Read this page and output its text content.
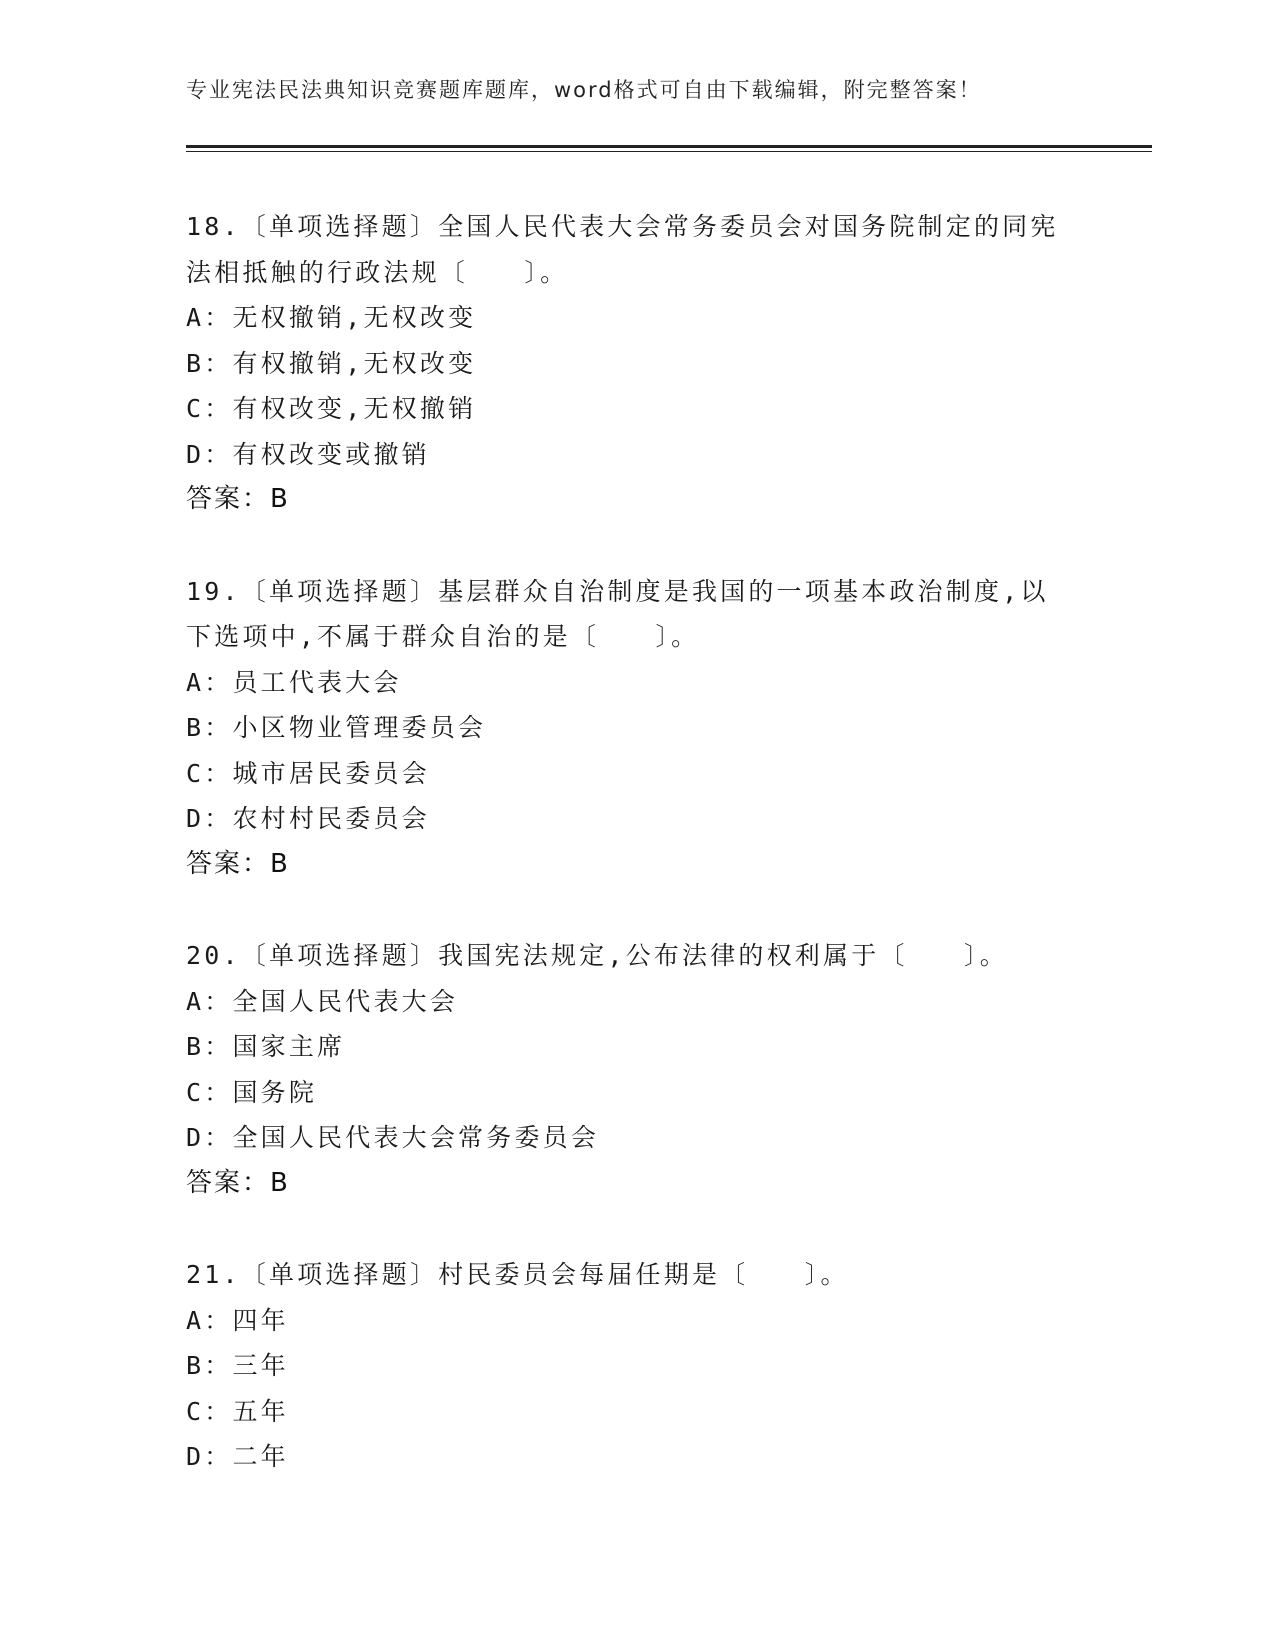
专业宪法民法典知识竞赛题库题库，word格式可自由下载编辑，附完整答案！
18.〔单项选择题〕全国人民代表大会常务委员会对国务院制定的同宪
法相抵触的行政法规〔　　〕。
A：无权撤销,无权改变
B：有权撤销,无权改变
C：有权改变,无权撤销
D：有权改变或撤销
答案：B
19.〔单项选择题〕基层群众自治制度是我国的一项基本政治制度,以
下选项中,不属于群众自治的是〔　　〕。
A：员工代表大会
B：小区物业管理委员会
C：城市居民委员会
D：农村村民委员会
答案：B
20.〔单项选择题〕我国宪法规定,公布法律的权利属于〔　　〕。
A：全国人民代表大会
B：国家主席
C：国务院
D：全国人民代表大会常务委员会
答案：B
21.〔单项选择题〕村民委员会每届任期是〔　　〕。
A：四年
B：三年
C：五年
D：二年
